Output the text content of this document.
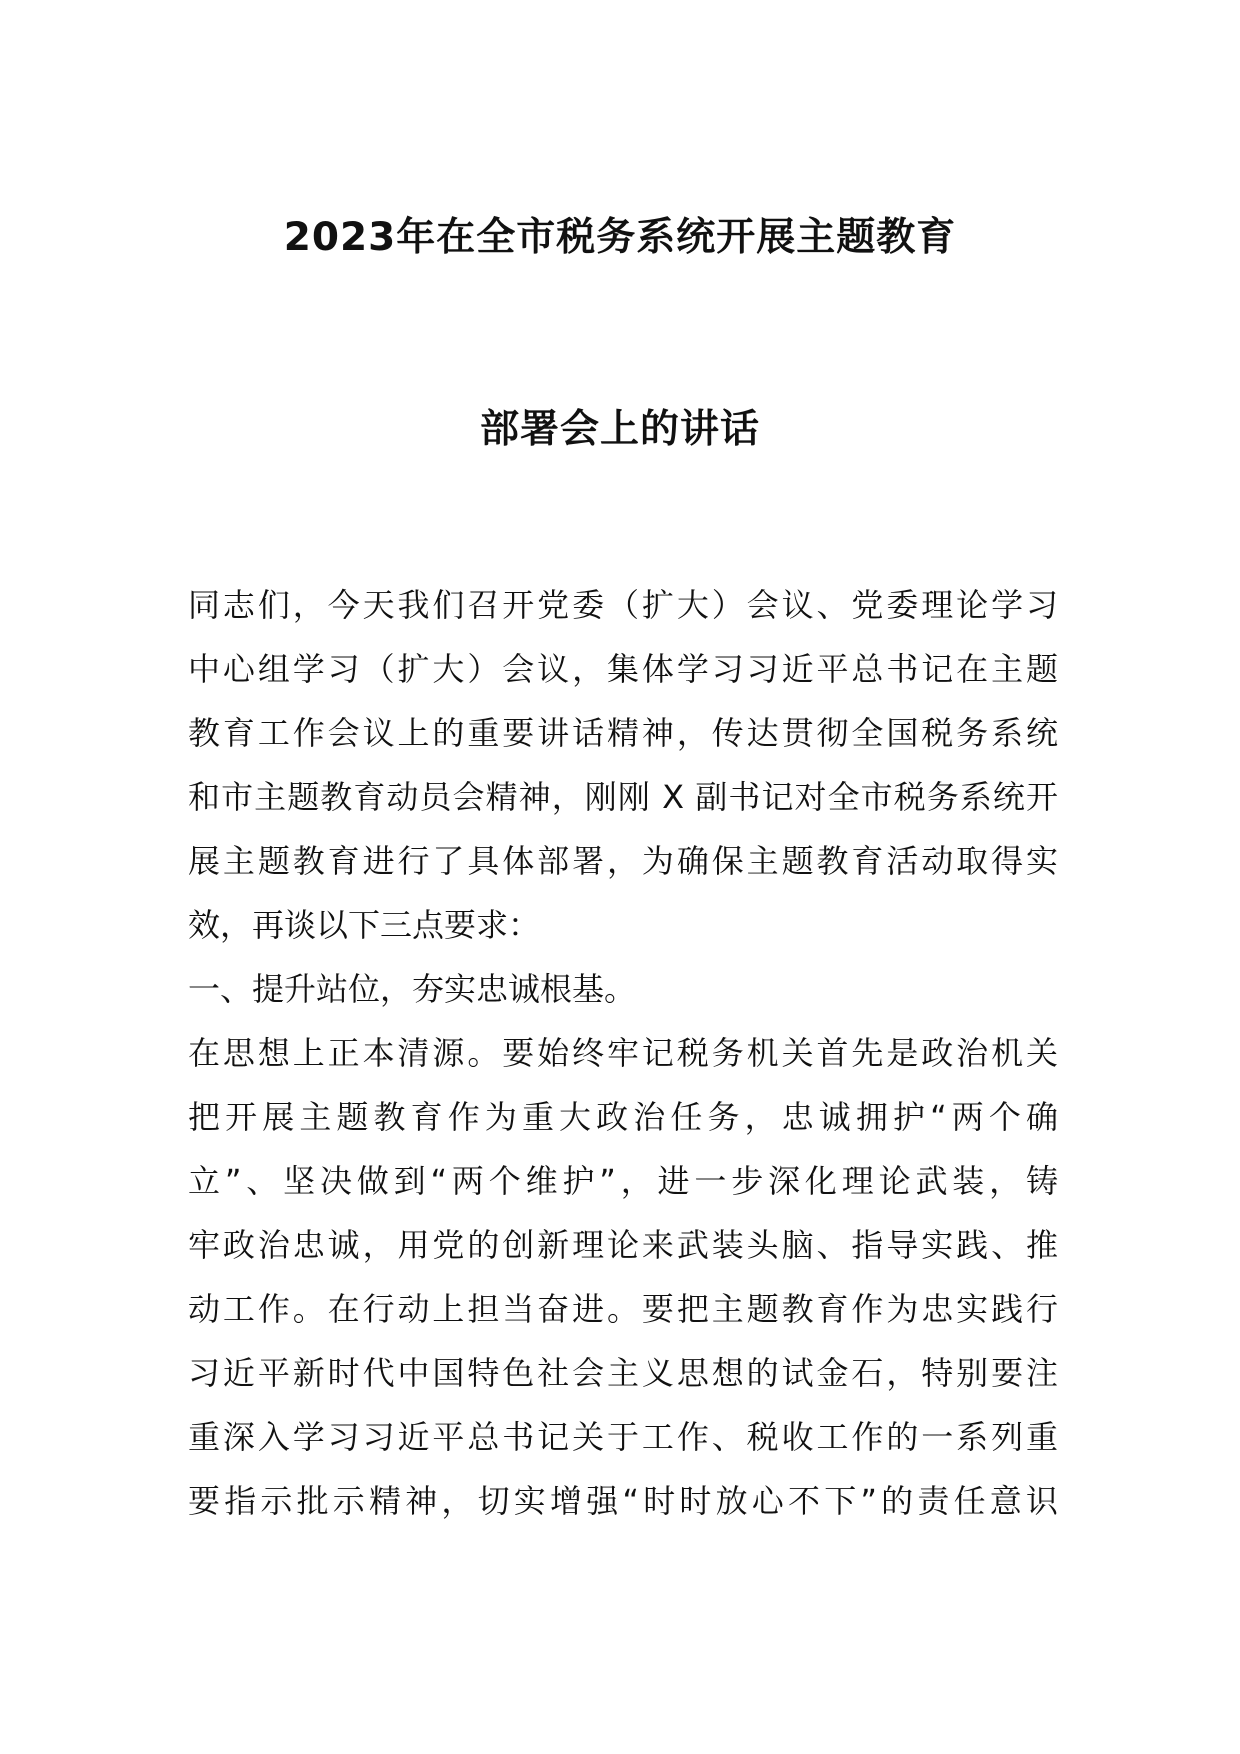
2023年在全市税务系统开展主题教育
部署会上的讲话
同志们，今天我们召开党委（扩大）会议、党委理论学习
中心组学习（扩大）会议，集体学习习近平总书记在主题
教育工作会议上的重要讲话精神，传达贯彻全国税务系统
和市主题教育动员会精神，刚刚 X 副书记对全市税务系统开
展主题教育进行了具体部署，为确保主题教育活动取得实
效，再谈以下三点要求：
一、提升站位，夯实忠诚根基。
在思想上正本清源。要始终牢记税务机关首先是政治机关
把开展主题教育作为重大政治任务，忠诚拥护“两个确
立”、坚决做到“两个维护”，进一步深化理论武装，铸
牢政治忠诚，用党的创新理论来武装头脑、指导实践、推
动工作。在行动上担当奋进。要把主题教育作为忠实践行
习近平新时代中国特色社会主义思想的试金石，特别要注
重深入学习习近平总书记关于工作、税收工作的一系列重
要指示批示精神，切实增强“时时放心不下”的责任意识
